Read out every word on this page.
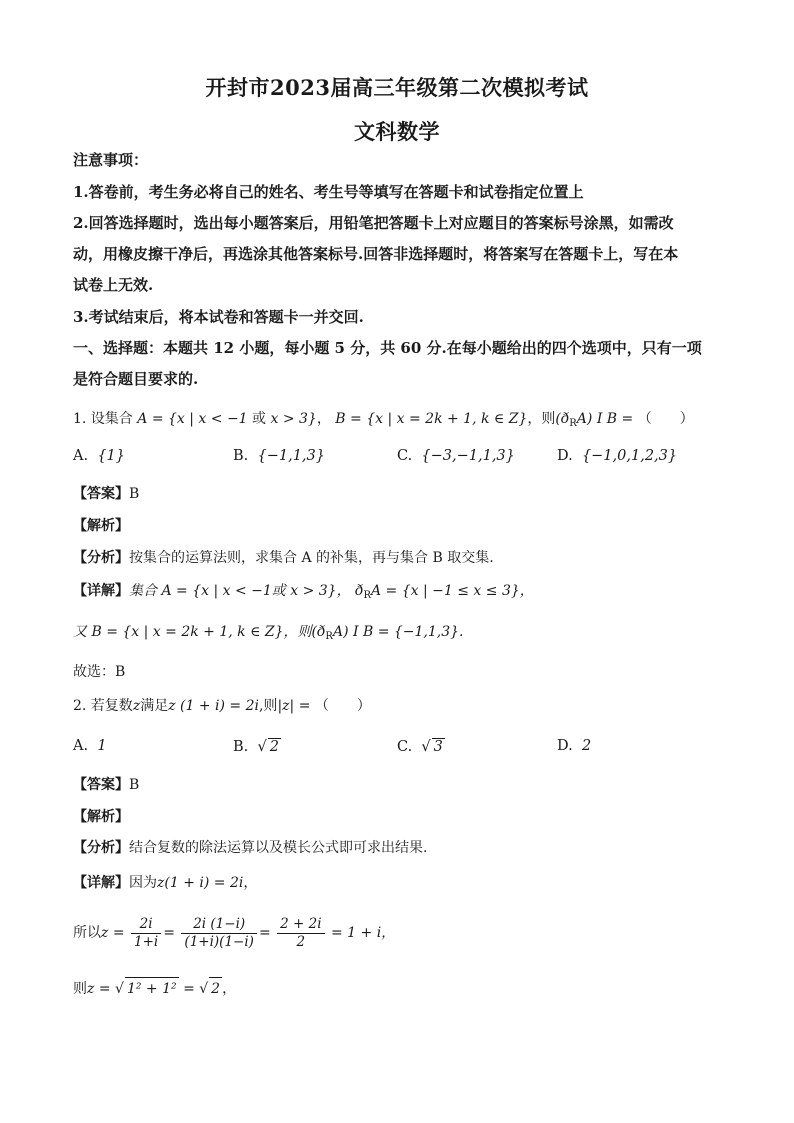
开封市2023届高三年级第二次模拟考试
文科数学
注意事项：
1.答卷前，考生务必将自己的姓名、考生号等填写在答题卡和试卷指定位置上
2.回答选择题时，选出每小题答案后，用铅笔把答题卡上对应题目的答案标号涂黑，如需改
动，用橡皮擦干净后，再选涂其他答案标号.回答非选择题时，将答案写在答题卡上，写在本
试卷上无效.
3.考试结束后，将本试卷和答题卡一并交回.
一、选择题：本题共 12 小题，每小题 5 分，共 60 分.在每小题给出的四个选项中，只有一项
是符合题目要求的.
1. 设集合 A = {x | x < −1 或 x > 3}， B = {x | x = 2k + 1, k ∈ Z}，则$(ð_RA)$ I B = （　　）
A. {1}	B. {−1,1,3}	C. {−3,−1,1,3}	D. {−1,0,1,2,3}
【答案】B
【解析】
【分析】按集合的运算法则，求集合 A 的补集，再与集合 B 取交集.
【详解】集合 A = {x | x < −1或 x > 3}， $ð_RA = \{x$ | −1 ≤ x ≤ 3}，
又 B = {x | x = 2k + 1, k ∈ Z}，则$(ð_RA)$ I B = {−1,1,3}.
故选：B
2. 若复数z满足z (1 + i) = 2i,则|z| = （　　）
A. 1	B. √ 2	C. √ 3	D. 2
【答案】B
【解析】
【分析】结合复数的除法运算以及模长公式即可求出结果.
【详解】因为z(1 + i) = 2i，
所以$z = \frac{2i}{1+i} = \frac{2i (1-i)}{(1+i)(1-i)} = \frac{2 + 2i}{2} = 1 + i$，
则z = √ 1² + 1² = √ 2 ，
